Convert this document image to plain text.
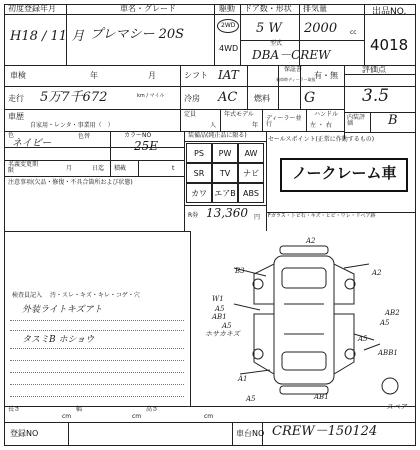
初度登録年月
H18 / 11 月
車名・グレード
プレマシー 20S
駆動
2WD
4WD
ドア数・形状
5 W
排気量
2000 cc
型式
DBA－CREW
出品NO.
4018
車検	年	月	シフト IAT	保証書
新車時ディーラー取扱
有・無
評価点
3.5
走行 5万7千672	km / マイル 冷房 AC 燃料 G
車歴
自家用・レンタ・事業用（　）
定員
人
年式モデル
年
ディーラー並行
ハンドル
左 ・ 右
内装評価	B
色
ネイビー
色替	カラーNO
25E
名義変更期限	月	日迄 積載	t
注意事項(欠品・修復・不具合箇所および状態)
装備品(純正品に限る)
PS	PW	AW
SR	TV	ナビ
カワ エアB ABS
R券 13,360 円
セールスポイント(正常に作動するもの)
ノークレーム車
Fガラス・トビ石・キズ・ヒビ・ワレ・リペア跡
検査員記入 汚・スレ・キズ・キレ・コゲ・穴
外装ライトキズアト
タスミB ホショウ
A2
B3	A2
W1
A5
AB1
A5
ホサカキズ
AB2
A5
A5
ABB1
A1
AB1
A5
スペア
長さ
cm
幅
cm
高さ
cm
登録NO	車台NO CREW－150124
